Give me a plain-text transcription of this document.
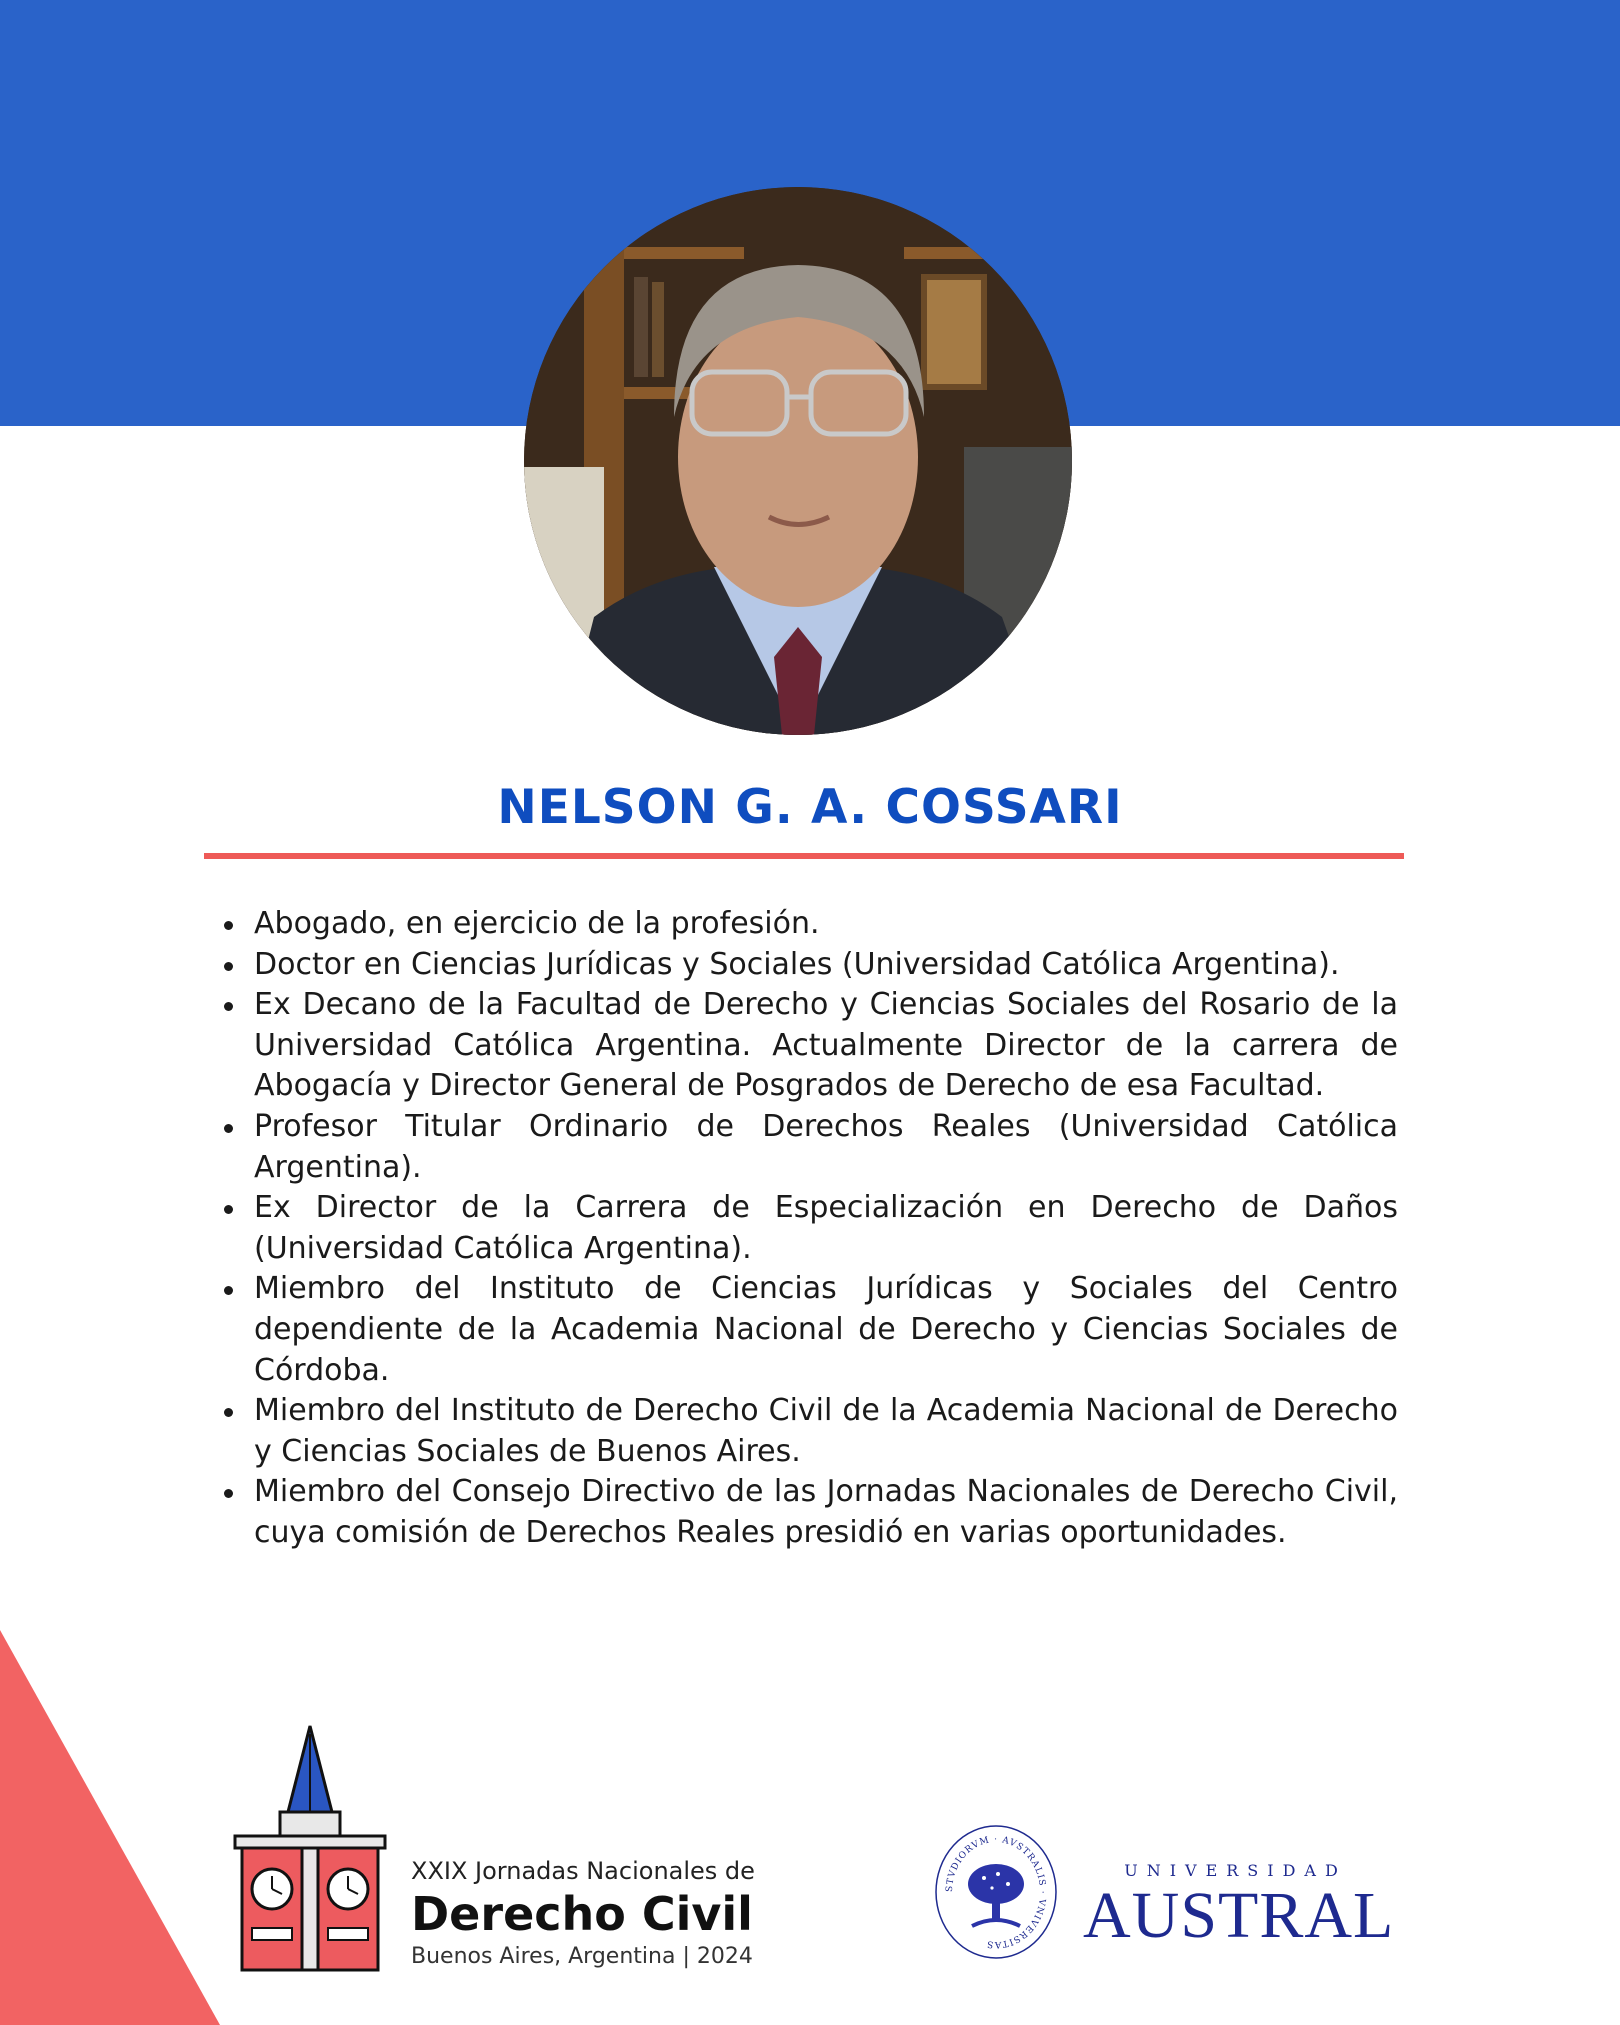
NELSON G. A. COSSARI
Abogado, en ejercicio de la profesión.
Doctor en Ciencias Jurídicas y Sociales (Universidad Católica Argentina).
Ex Decano de la Facultad de Derecho y Ciencias Sociales del Rosario de la Universidad Católica Argentina. Actualmente Director de la carrera de Abogacía y Director General de Posgrados de Derecho de esa Facultad.
Profesor Titular Ordinario de Derechos Reales (Universidad Católica Argentina).
Ex Director de la Carrera de Especialización en Derecho de Daños (Universidad Católica Argentina).
Miembro del Instituto de Ciencias Jurídicas y Sociales del Centro dependiente de la Academia Nacional de Derecho y Ciencias Sociales de Córdoba.
Miembro del Instituto de Derecho Civil de la Academia Nacional de Derecho y Ciencias Sociales de Buenos Aires.
Miembro del Consejo Directivo de las Jornadas Nacionales de Derecho Civil, cuya comisión de Derechos Reales presidió en varias oportunidades.
XXIX Jornadas Nacionales de
Derecho Civil
Buenos Aires, Argentina | 2024
STVDIORVM · AVSTRALIS · VNIVERSITAS
UNIVERSIDAD
AUSTRAL
